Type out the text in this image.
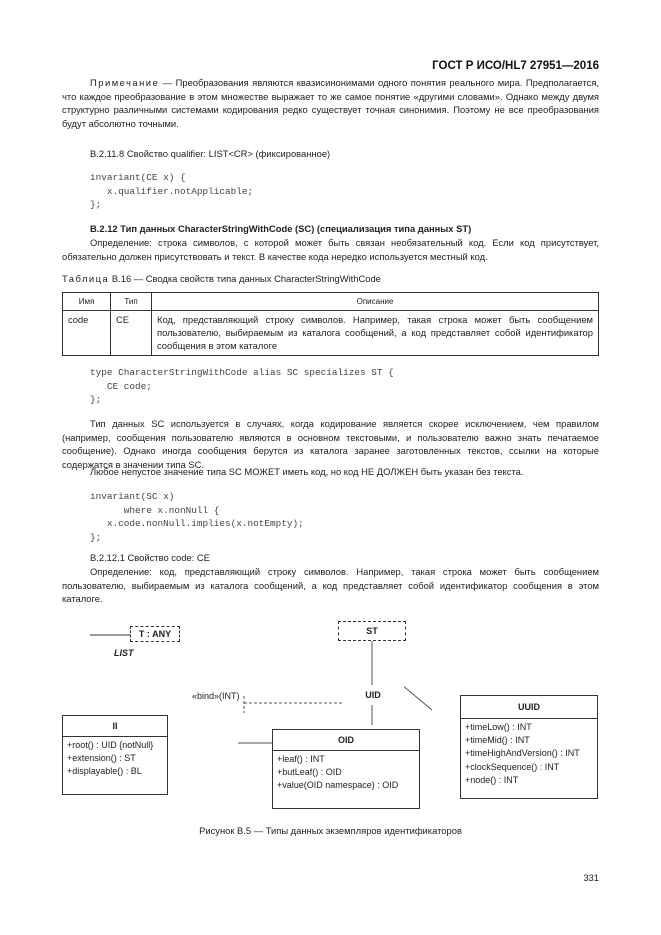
ГОСТ Р ИСО/HL7 27951—2016
Примечание — Преобразования являются квазисинонимами одного понятия реального мира. Предполагается, что каждое преобразование в этом множестве выражает то же самое понятие «другими словами». Однако между двумя структурно различными системами кодирования редко существует точная синонимия. Поэтому не все преобразования будут абсолютно точными.
В.2.11.8 Свойство qualifier: LIST<CR> (фиксированное)
invariant(CE x) {
x.qualifier.notApplicable;
};
В.2.12 Тип данных CharacterStringWithCode (SC) (специализация типа данных ST)
Определение: строка символов, с которой может быть связан необязательный код. Если код присутствует, обязательно должен присутствовать и текст. В качестве кода нередко используется местный код.
Таблица В.16 — Сводка свойств типа данных CharacterStringWithCode
Имя	Тип	Описание
code	CE	Код, представляющий строку символов. Например, такая строка может быть сообщением пользователю, выбираемым из каталога сообщений, а код представляет собой идентификатор сообщения в этом каталоге
type CharacterStringWithCode alias SC specializes ST {
CE code;
};
Тип данных SC используется в случаях, когда кодирование является скорее исключением, чем правилом (например, сообщения пользователю являются в основном текстовыми, и пользователю важно знать печатаемое сообщение). Однако иногда сообщения берутся из каталога заранее заготовленных текстов, ссылки на которые содержатся в значении типа SC.
Любое непустое значение типа SC МОЖЕТ иметь код, но код НЕ ДОЛЖЕН быть указан без текста.
invariant(SC x)
where x.nonNull {
x.code.nonNull.implies(x.notEmpty);
};
В.2.12.1 Свойство code: CE
Определение: код, представляющий строку символов. Например, такая строка может быть сообщением пользователю, выбираемым из каталога сообщений, а код представляет собой идентификатор сообщения в этом каталоге.
T : ANY
LIST
ST
«bind»(INT)	UID
II
+root() : UID {notNull}
+extension() : ST
+displayable() : BL
OID
+leaf() : INT
+butLeaf() : OID
+value(OID namespace) : OID
UUID
+timeLow() : INT
+timeMid() : INT
+timeHighAndVersion() : INT
+clockSequence() : INT
+node() : INT
Рисунок В.5 — Типы данных экземпляров идентификаторов
331
